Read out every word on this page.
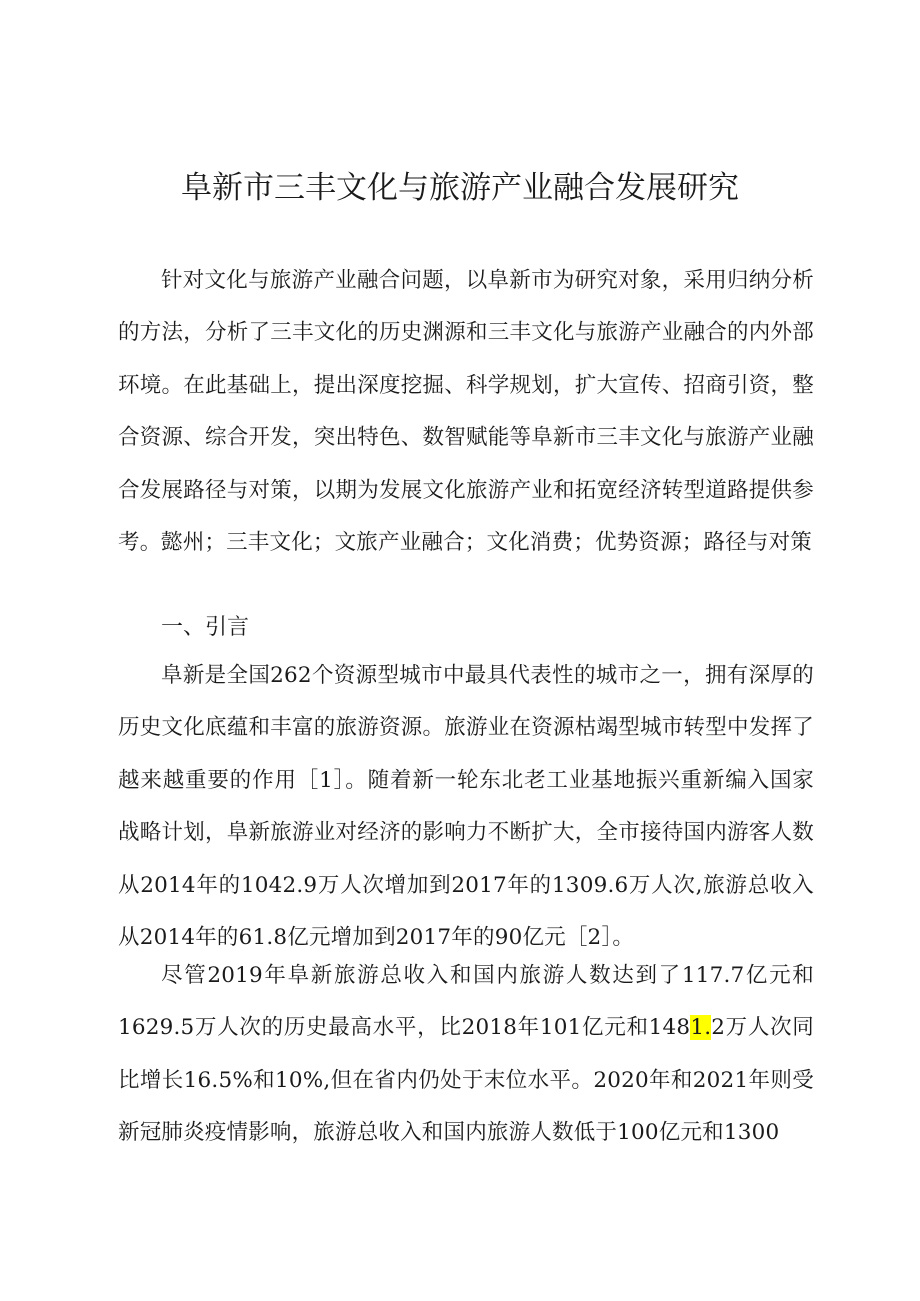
阜新市三丰文化与旅游产业融合发展研究

针对文化与旅游产业融合问题，以阜新市为研究对象，采用归纳分析的方法，分析了三丰文化的历史渊源和三丰文化与旅游产业融合的内外部环境。在此基础上，提出深度挖掘、科学规划，扩大宣传、招商引资，整合资源、综合开发，突出特色、数智赋能等阜新市三丰文化与旅游产业融合发展路径与对策，以期为发展文化旅游产业和拓宽经济转型道路提供参考。 懿州；三丰文化；文旅产业融合；文化消费；优势资源；路径与对策

一、引言

阜新是全国262个资源型城市中最具代表性的城市之一，拥有深厚的历史文化底蕴和丰富的旅游资源。旅游业在资源枯竭型城市转型中发挥了越来越重要的作用［1］。随着新一轮东北老工业基地振兴重新编入国家战略计划，阜新旅游业对经济的影响力不断扩大，全市接待国内游客人数从2014年的1042.9万人次增加到2017年的1309.6万人次,旅游总收入从2014年的61.8亿元增加到2017年的90亿元［2］。

尽管2019年阜新旅游总收入和国内旅游人数达到了117.7亿元和1629.5万人次的历史最高水平，比2018年101亿元和1481.2万人次同比增长16.5%和10%,但在省内仍处于末位水平。2020年和2021年则受新冠肺炎疫情影响，旅游总收入和国内旅游人数低于100亿元和1300
